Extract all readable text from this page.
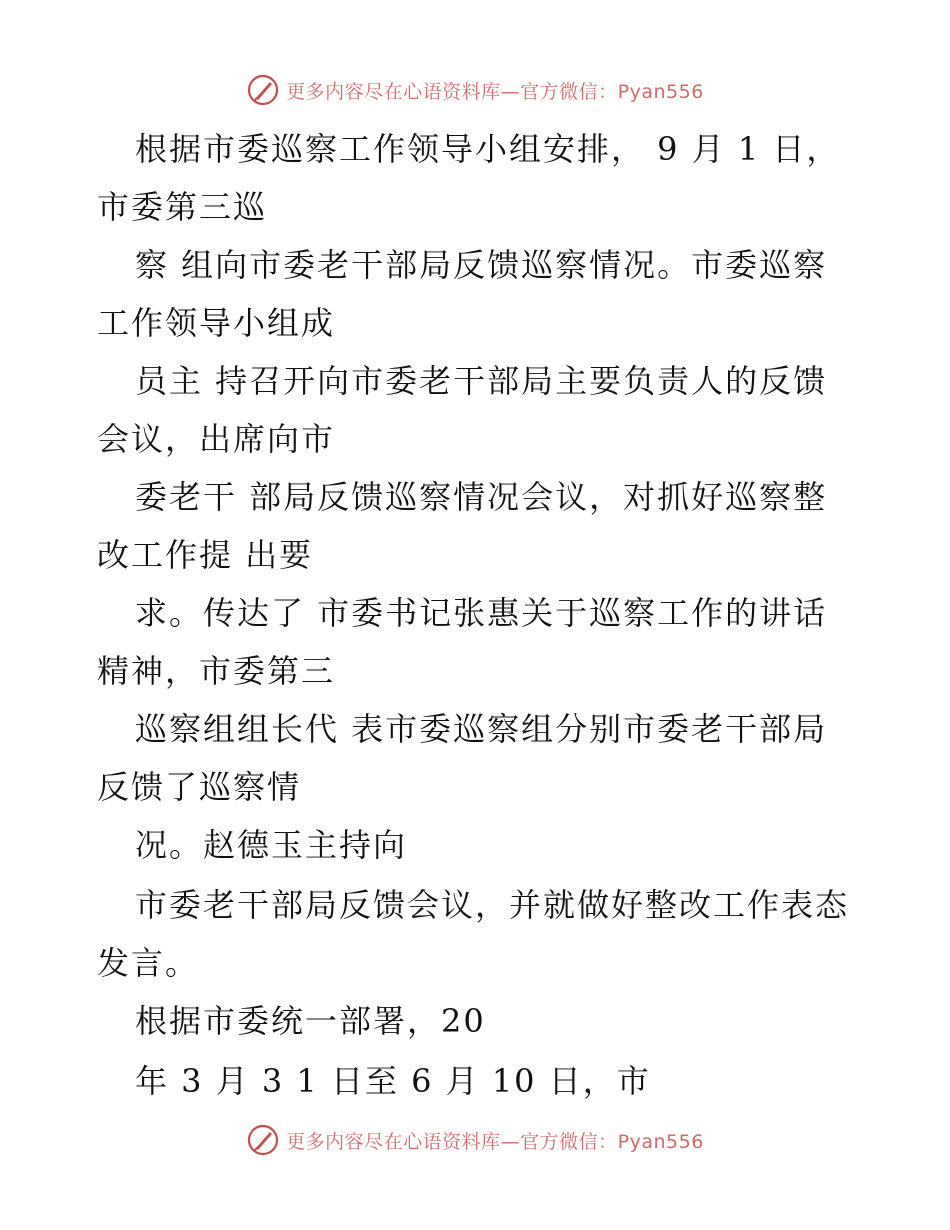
更多内容尽在心语资料库—官方微信：Pyan556
根据市委巡察工作领导小组安排， 9 月 1 日，
市委第三巡
察 组向市委老干部局反馈巡察情况。市委巡察
工作领导小组成
员主 持召开向市委老干部局主要负责人的反馈
会议，出席向市
委老干 部局反馈巡察情况会议，对抓好巡察整
改工作提 出要
求。传达了 市委书记张惠关于巡察工作的讲话
精神，市委第三
巡察组组长代 表市委巡察组分别市委老干部局
反馈了巡察情
况。赵德玉主持向
市委老干部局反馈会议，并就做好整改工作表态
发言。
根据市委统一部署，20
年 3 月 3 1 日至 6 月 10 日，市
更多内容尽在心语资料库—官方微信：Pyan556
